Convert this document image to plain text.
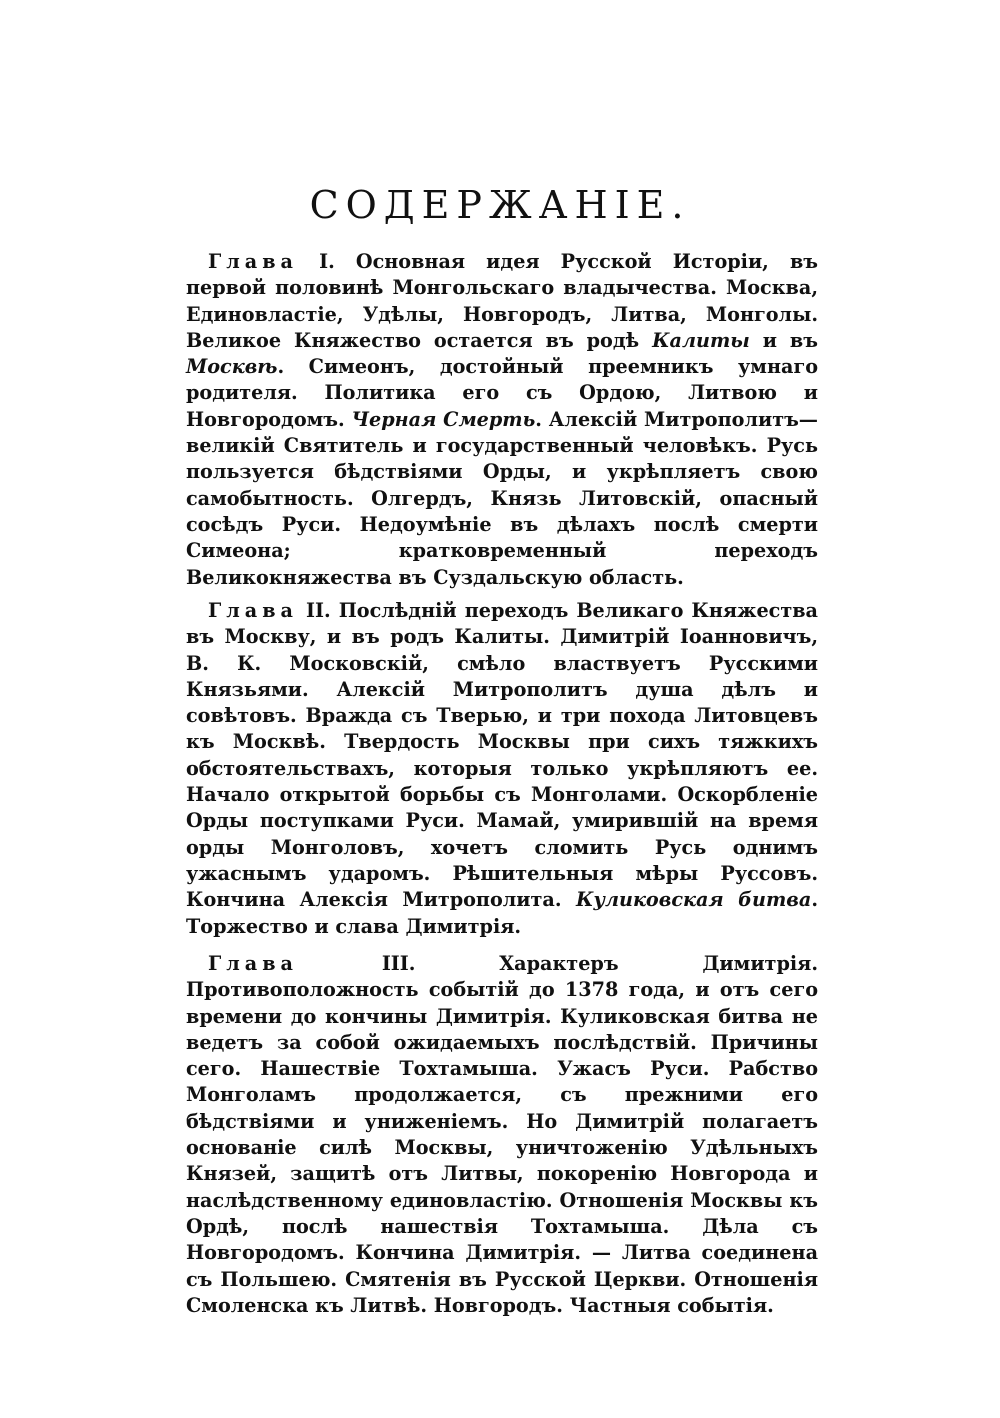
СОДЕРЖАНІЕ.
Глава I. Основная идея Русской Исторіи, въ первой половинѣ Монгольскаго владычества. Москва, Единовластіе, Удѣлы, Новгородъ, Литва, Монголы. Великое Княжество остается въ родѣ Калиты и въ Москвѣ. Симеонъ, достойный преемникъ умнаго родителя. Политика его съ Ордою, Литвою и Новгородомъ. Черная Смерть. Алексій Митрополитъ—великій Святитель и государственный человѣкъ. Русь пользуется бѣдствіями Орды, и укрѣпляетъ свою самобытность. Олгердъ, Князь Литовскій, опасный сосѣдъ Руси. Недоумѣніе въ дѣлахъ послѣ смерти Симеона; кратковременный переходъ Великокняжества въ Суздальскую область.
Глава II. Послѣдній переходъ Великаго Княжества въ Москву, и въ родъ Калиты. Димитрій Іоанновичъ, В. К. Московскій, смѣло властвуетъ Русскими Князьями. Алексій Митрополитъ душа дѣлъ и совѣтовъ. Вражда съ Тверью, и три похода Литовцевъ къ Москвѣ. Твердость Москвы при сихъ тяжкихъ обстоятельствахъ, которыя только укрѣпляютъ ее. Начало открытой борьбы съ Монголами. Оскорбленіе Орды поступками Руси. Мамай, умирившій на время орды Монголовъ, хочетъ сломить Русь однимъ ужаснымъ ударомъ. Рѣшительныя мѣры Руссовъ. Кончина Алексія Митрополита. Куликовская битва. Торжество и слава Димитрія.
Глава	III.	Характеръ Димитрія. Противоположность событій до 1378 года, и отъ сего времени до кончины Димитрія. Куликовская битва не ведетъ за собой ожидаемыхъ послѣдствій. Причины сего. Нашествіе Тохтамыша. Ужасъ Руси. Рабство Монголамъ продолжается, съ прежними его бѣдствіями и униженіемъ. Но Димитрій полагаетъ основаніе силѣ Москвы, уничтоженію Удѣльныхъ Князей, защитѣ отъ Литвы, покоренію Новгорода и наслѣдственному единовластію. Отношенія Москвы къ Ордѣ, послѣ нашествія Тохтамыша. Дѣла съ Новгородомъ. Кончина Димитрія. — Литва соединена съ Польшею. Смятенія въ Русской Церкви. Отношенія Смоленска къ Литвѣ. Новгородъ. Частныя событія.
